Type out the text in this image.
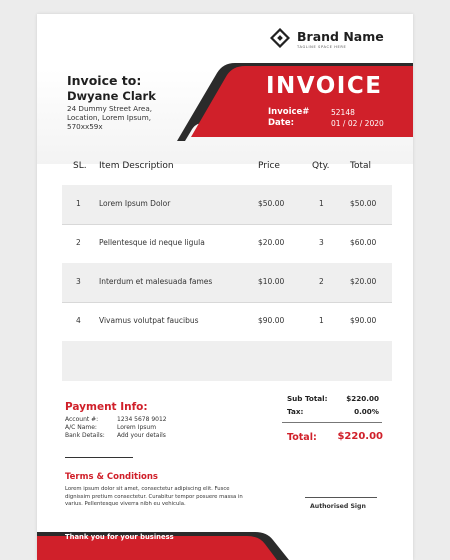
Brand Name
TAGLINE SPACE HERE
Invoice to:
Dwyane Clark
24 Dummy Street Area,
Location, Lorem Ipsum,
570xx59x
INVOICE
Invoice#	52148
Date:	01 / 02 / 2020
SL. Item Description	Price	Qty. Total
1 Lorem Ipsum Dolor	$50.00	1	$50.00
2 Pellentesque id neque ligula	$20.00	3	$60.00
3 Interdum et malesuada fames	$10.00	2	$20.00
4 Vivamus volutpat faucibus	$90.00	1	$90.00
Payment Info:
Account #:	1234 5678 9012
A/C Name:	Lorem Ipsum
Bank Details: Add your details
Sub Total:	$220.00
Tax:	0.00%
Total: $220.00
Terms & Conditions
Lorem ipsum dolor sit amet, consectetur adipiscing elit. Fusce dignissim pretium consectetur. Curabitur tempor posuere massa in varius. Pellentesque viverra nibh eu vehicula.	Authorised Sign
Thank you for your business
